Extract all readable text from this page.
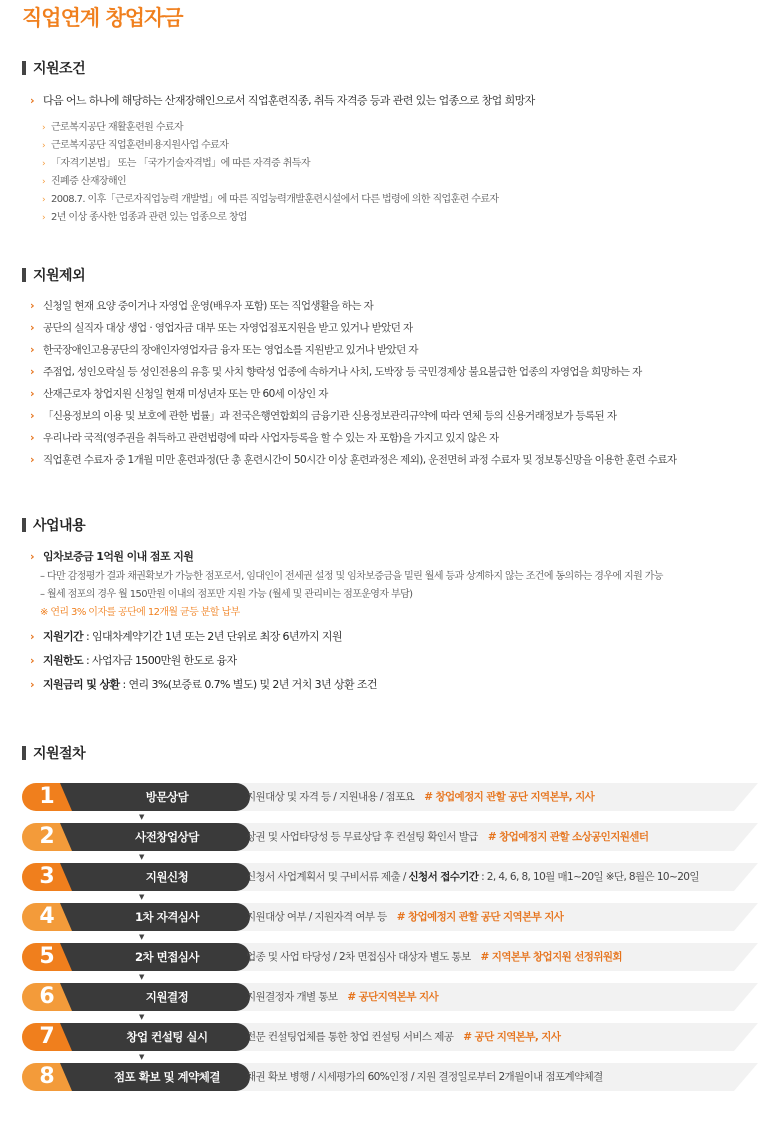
직업연계 창업자금
지원조건
› 다음 어느 하나에 해당하는 산재장해인으로서 직업훈련직종, 취득 자격증 등과 관련 있는 업종으로 창업 희망자
› 근로복지공단 재활훈련원 수료자
› 근로복지공단 직업훈련비용지원사업 수료자
› 「자격기본법」 또는 「국가기술자격법」에 따른 자격증 취득자
› 진폐증 산재장해인
› 2008.7. 이후「근로자직업능력 개발법」에 따른 직업능력개발훈련시설에서 다른 법령에 의한 직업훈련 수료자
› 2년 이상 종사한 업종과 관련 있는 업종으로 창업
지원제외
› 신청일 현재 요양 중이거나 자영업 운영(배우자 포함) 또는 직업생활을 하는 자
› 공단의 실직자 대상 생업 · 영업자금 대부 또는 자영업점포지원을 받고 있거나 받았던 자
› 한국장애인고용공단의 장애인자영업자금 융자 또는 영업소를 지원받고 있거나 받았던 자
› 주점업, 성인오락실 등 성인전용의 유흥 및 사치 향락성 업종에 속하거나 사치, 도박장 등 국민경제상 불요불급한 업종의 자영업을 희망하는 자
› 산재근로자 창업지원 신청일 현재 미성년자 또는 만 60세 이상인 자
› 「신용정보의 이용 및 보호에 관한 법률」과 전국은행연합회의 금융기관 신용정보관리규약에 따라 연체 등의 신용거래정보가 등록된 자
› 우리나라 국적(영주권을 취득하고 관련법령에 따라 사업자등록을 할 수 있는 자 포함)을 가지고 있지 않은 자
› 직업훈련 수료자 중 1개월 미만 훈련과정(단 총 훈련시간이 50시간 이상 훈련과정은 제외), 운전면허 과정 수료자 및 정보통신망을 이용한 훈련 수료자
사업내용
› 임차보증금 1억원 이내 점포 지원
– 다만 감정평가 결과 채권확보가 가능한 점포로서, 임대인이 전세권 설정 및 임차보증금을 밑린 월세 등과 상계하지 않는 조건에 동의하는 경우에 지원 가능
– 월세 점포의 경우 월 150만원 이내의 점포만 지원 가능 (월세 및 관리비는 점포운영자 부담)
※ 연리 3% 이자를 공단에 12개월 균등 분할 납부
› 지원기간 : 임대차계약기간 1년 또는 2년 단위로 최장 6년까지 지원
› 지원한도 : 사업자금 1500만원 한도로 융자
› 지원금리 및 상환 : 연리 3%(보증료 0.7% 별도) 및 2년 거치 3년 상환 조건
지원절차
1	방문상담	지원대상 및 자격 등 / 지원내용 / 점포요 # 창업예정지 관할 공단 지역본부, 지사
▼
2	사전창업상담	상권 및 사업타당성 등 무료상담 후 컨설팅 확인서 발급 # 창업예정지 관할 소상공인지원센터
▼
3	지원신청	신청서 사업계획서 및 구비서류 제출 / 신청서 접수기간 : 2, 4, 6, 8, 10월 매1~20일 ※단, 8월은 10~20일
▼
4	1차 자격심사	지원대상 여부 / 지원자격 여부 등 # 창업예정지 관할 공단 지역본부 지사
▼
5	2차 면접심사	업종 및 사업 타당성 / 2차 면접심사 대상자 별도 통보 # 지역본부 창업지원 선정위원회
▼
6	지원결정	지원결정자 개별 통보 # 공단지역본부 지사
▼
7	창업 컨설팅 실시	전문 컨설팅업체를 통한 창업 컨설팅 서비스 제공 # 공단 지역본부, 지사
▼
8	점포 확보 및 계약체결	채권 확보 병행 / 시세평가의 60%인정 / 지원 결정일로부터 2개월이내 점포계약체결
